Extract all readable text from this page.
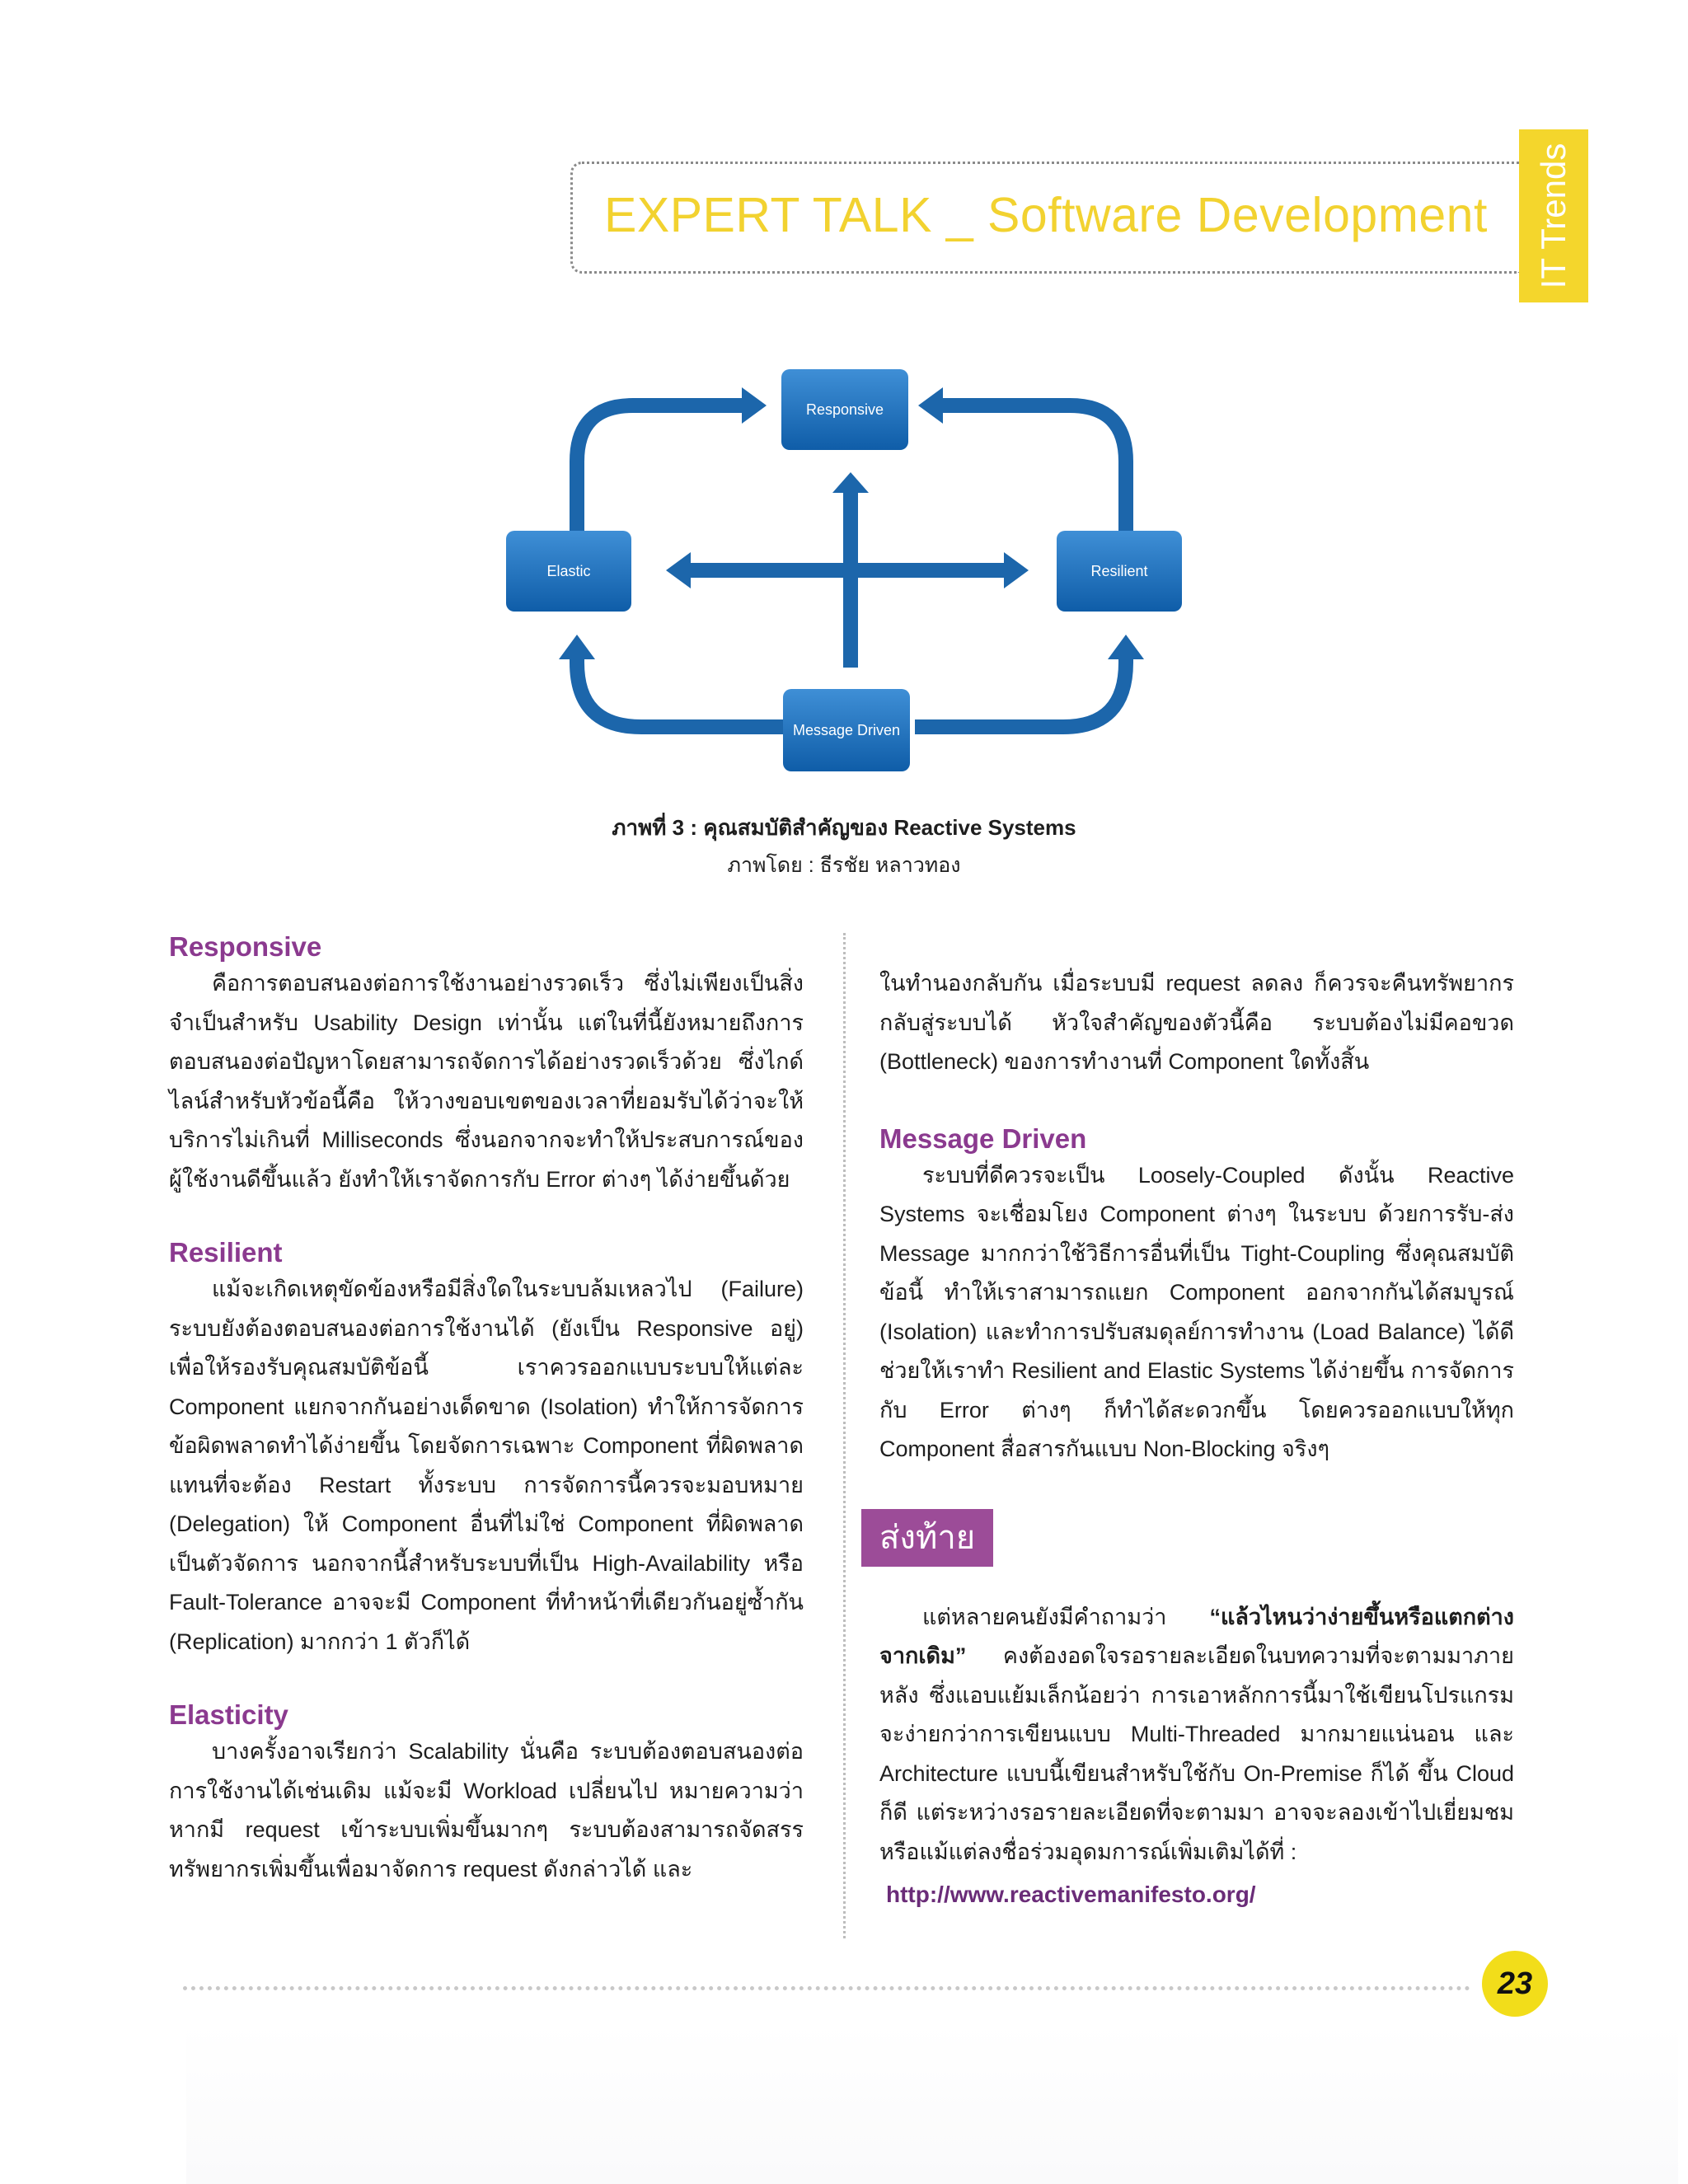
EXPERT TALK _ Software Development IT Trends
Responsive
Elastic	Resilient
Message Driven
ภาพที่ 3 : คุณสมบัติสำคัญของ Reactive Systems
ภาพโดย : ธีรชัย หลาวทอง
Responsive

คือการตอบสนองต่อการใช้งานอย่างรวดเร็ว ซึ่งไม่เพียงเป็นสิ่งจำเป็นสำหรับ Usability Design เท่านั้น แต่ในที่นี้ยังหมายถึงการตอบสนองต่อปัญหาโดยสามารถจัดการได้อย่างรวดเร็วด้วย ซึ่งไกด์ไลน์สำหรับหัวข้อนี้คือ ให้วางขอบเขตของเวลาที่ยอมรับได้ว่าจะให้บริการไม่เกินที่ Milliseconds ซึ่งนอกจากจะทำให้ประสบการณ์ของผู้ใช้งานดีขึ้นแล้ว ยังทำให้เราจัดการกับ Error ต่างๆ ได้ง่ายขึ้นด้วย

Resilient

แม้จะเกิดเหตุขัดข้องหรือมีสิ่งใดในระบบล้มเหลวไป (Failure) ระบบยังต้องตอบสนองต่อการใช้งานได้ (ยังเป็น Responsive อยู่) เพื่อให้รองรับคุณสมบัติข้อนี้ เราควรออกแบบระบบให้แต่ละ Component แยกจากกันอย่างเด็ดขาด (Isolation) ทำให้การจัดการข้อผิดพลาดทำได้ง่ายขึ้น โดยจัดการเฉพาะ Component ที่ผิดพลาด แทนที่จะต้อง Restart ทั้งระบบ การจัดการนี้ควรจะมอบหมาย (Delegation) ให้ Component อื่นที่ไม่ใช่ Component ที่ผิดพลาดเป็นตัวจัดการ นอกจากนี้สำหรับระบบที่เป็น High-Availability หรือ Fault-Tolerance อาจจะมี Component ที่ทำหน้าที่เดียวกันอยู่ซ้ำกัน (Replication) มากกว่า 1 ตัวก็ได้

Elasticity

บางครั้งอาจเรียกว่า Scalability นั่นคือ ระบบต้องตอบสนองต่อการใช้งานได้เช่นเดิม แม้จะมี Workload เปลี่ยนไป หมายความว่าหากมี request เข้าระบบเพิ่มขึ้นมากๆ ระบบต้องสามารถจัดสรรทรัพยากรเพิ่มขึ้นเพื่อมาจัดการ request ดังกล่าวได้ และ

ในทำนองกลับกัน เมื่อระบบมี request ลดลง ก็ควรจะคืนทรัพยากรกลับสู่ระบบได้ หัวใจสำคัญของตัวนี้คือ ระบบต้องไม่มีคอขวด (Bottleneck) ของการทำงานที่ Component ใดทั้งสิ้น

Message Driven

ระบบที่ดีควรจะเป็น Loosely-Coupled ดังนั้น Reactive Systems จะเชื่อมโยง Component ต่างๆ ในระบบ ด้วยการรับ-ส่ง Message มากกว่าใช้วิธีการอื่นที่เป็น Tight-Coupling ซึ่งคุณสมบัติข้อนี้ ทำให้เราสามารถแยก Component ออกจากกันได้สมบูรณ์ (Isolation) และทำการปรับสมดุลย์การทำงาน (Load Balance) ได้ดี ช่วยให้เราทำ Resilient and Elastic Systems ได้ง่ายขึ้น การจัดการกับ Error ต่างๆ ก็ทำได้สะดวกขึ้น โดยควรออกแบบให้ทุก Component สื่อสารกันแบบ Non-Blocking จริงๆ

ส่งท้าย

แต่หลายคนยังมีคำถามว่า “แล้วไหนว่าง่ายขึ้นหรือแตกต่างจากเดิม” คงต้องอดใจรอรายละเอียดในบทความที่จะตามมาภายหลัง ซึ่งแอบแย้มเล็กน้อยว่า การเอาหลักการนี้มาใช้เขียนโปรแกรมจะง่ายกว่าการเขียนแบบ Multi-Threaded มากมายแน่นอน และ Architecture แบบนี้เขียนสำหรับใช้กับ On-Premise ก็ได้ ขึ้น Cloud ก็ดี แต่ระหว่างรอรายละเอียดที่จะตามมา อาจจะลองเข้าไปเยี่ยมชม หรือแม้แต่ลงชื่อร่วมอุดมการณ์เพิ่มเติมได้ที่ :

http://www.reactivemanifesto.org/
23
